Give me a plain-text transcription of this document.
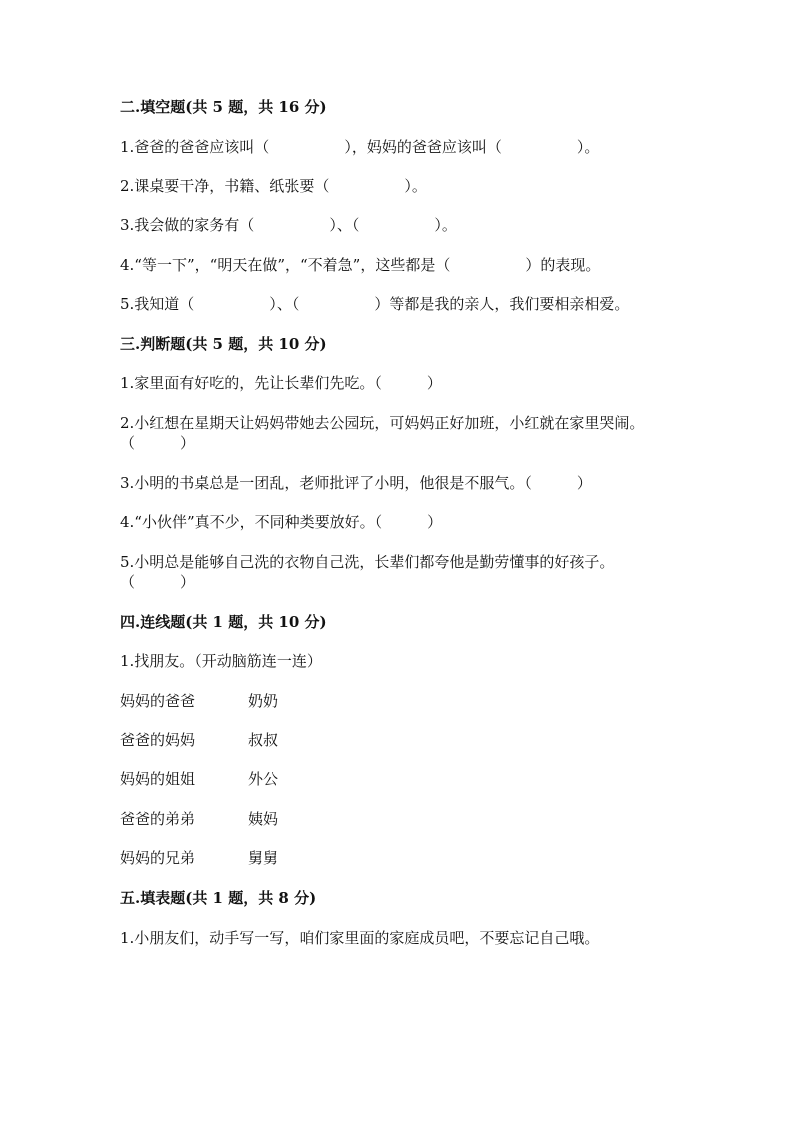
二.填空题(共 5 题，共 16 分)
1.爸爸的爸爸应该叫（　　　　　），妈妈的爸爸应该叫（　　　　　）。
2.课桌要干净，书籍、纸张要（　　　　　）。
3.我会做的家务有（　　　　　）、（　　　　　）。
4.“等一下”，“明天在做”，“不着急”，这些都是（　　　　　）的表现。
5.我知道（　　　　　）、（　　　　　）等都是我的亲人，我们要相亲相爱。
三.判断题(共 5 题，共 10 分)
1.家里面有好吃的，先让长辈们先吃。（　　　）
2.小红想在星期天让妈妈带她去公园玩，可妈妈正好加班，小红就在家里哭闹。（　　　）
3.小明的书桌总是一团乱，老师批评了小明，他很是不服气。（　　　）
4.“小伙伴”真不少，不同种类要放好。（　　　）
5.小明总是能够自己洗的衣物自己洗，长辈们都夸他是勤劳懂事的好孩子。（　　　）
四.连线题(共 1 题，共 10 分)
1.找朋友。（开动脑筋连一连）
妈妈的爸爸	奶奶
爸爸的妈妈	叔叔
妈妈的姐姐	外公
爸爸的弟弟	姨妈
妈妈的兄弟	舅舅
五.填表题(共 1 题，共 8 分)
1.小朋友们，动手写一写，咱们家里面的家庭成员吧，不要忘记自己哦。
